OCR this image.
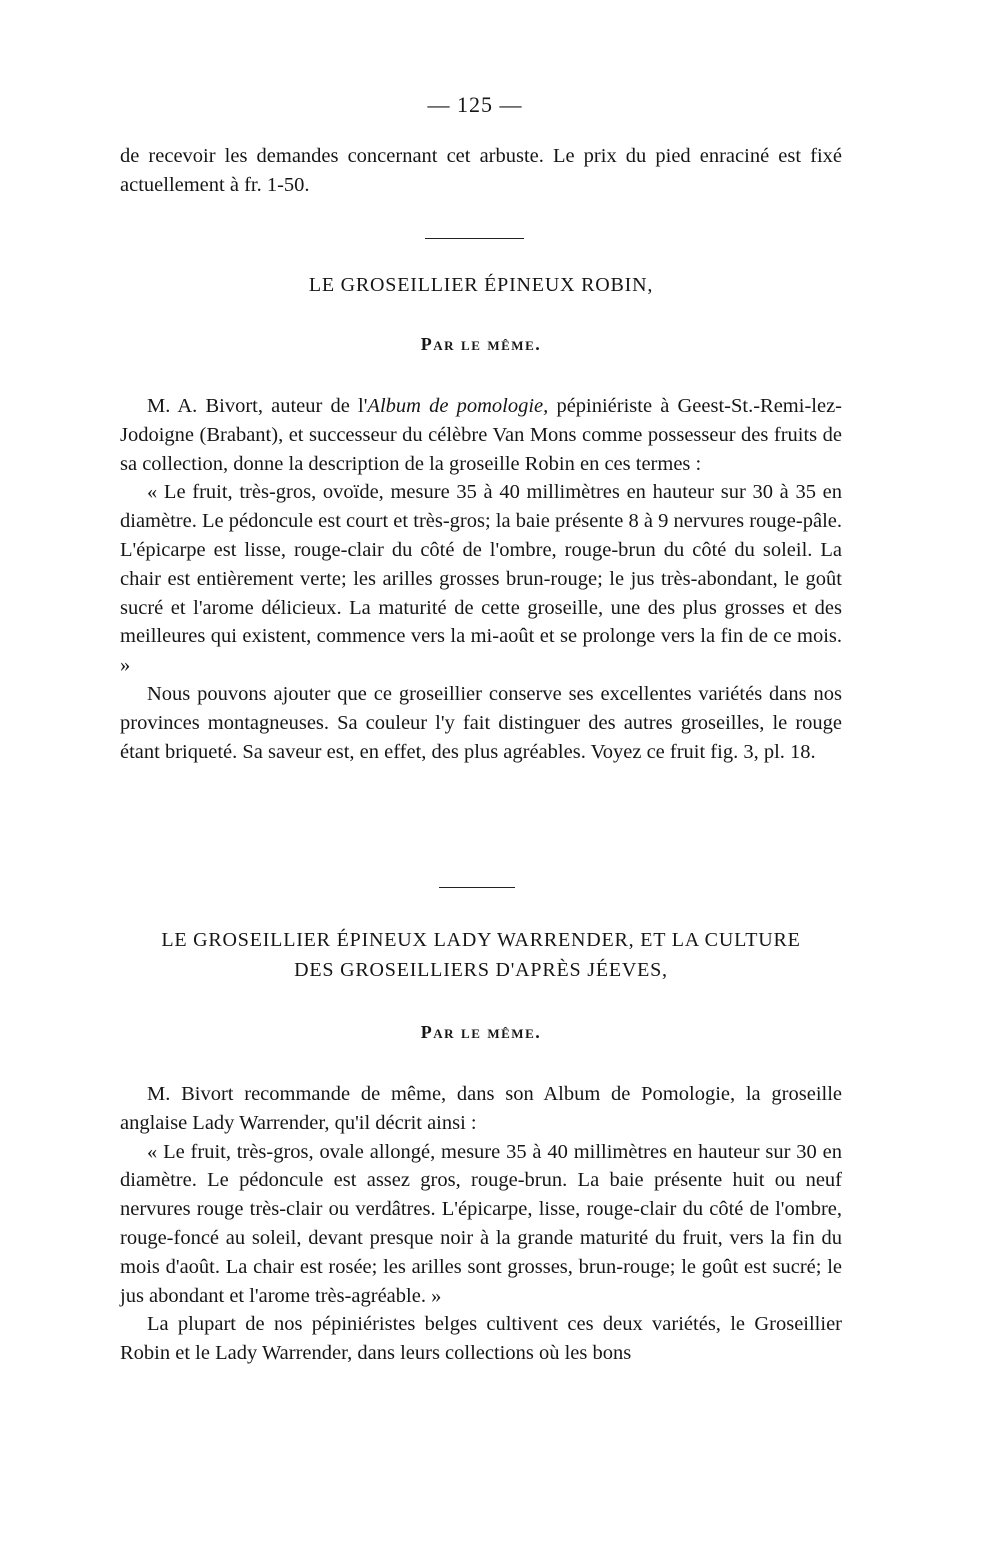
— 125 —

de recevoir les demandes concernant cet arbuste. Le prix du pied enraciné est fixé actuellement à fr. 1-50.

LE GROSEILLIER ÉPINEUX ROBIN,

Par le même.

M. A. Bivort, auteur de l'Album de pomologie, pépiniériste à Geest-St.-Remi-lez-Jodoigne (Brabant), et successeur du célèbre Van Mons comme possesseur des fruits de sa collection, donne la description de la groseille Robin en ces termes :

« Le fruit, très-gros, ovoïde, mesure 35 à 40 millimètres en hauteur sur 30 à 35 en diamètre. Le pédoncule est court et très-gros; la baie présente 8 à 9 nervures rouge-pâle. L'épicarpe est lisse, rouge-clair du côté de l'ombre, rouge-brun du côté du soleil. La chair est entièrement verte; les arilles grosses brun-rouge; le jus très-abondant, le goût sucré et l'arome délicieux. La maturité de cette groseille, une des plus grosses et des meilleures qui existent, commence vers la mi-août et se prolonge vers la fin de ce mois. »

Nous pouvons ajouter que ce groseillier conserve ses excellentes variétés dans nos provinces montagneuses. Sa couleur l'y fait distinguer des autres groseilles, le rouge étant briqueté. Sa saveur est, en effet, des plus agréables. Voyez ce fruit fig. 3, pl. 18.

LE GROSEILLIER ÉPINEUX LADY WARRENDER, ET LA CULTURE
DES GROSEILLIERS D'APRÈS JÉEVES,

Par le même.

M. Bivort recommande de même, dans son Album de Pomologie, la groseille anglaise Lady Warrender, qu'il décrit ainsi :

« Le fruit, très-gros, ovale allongé, mesure 35 à 40 millimètres en hauteur sur 30 en diamètre. Le pédoncule est assez gros, rouge-brun. La baie présente huit ou neuf nervures rouge très-clair ou verdâtres. L'épicarpe, lisse, rouge-clair du côté de l'ombre, rouge-foncé au soleil, devant presque noir à la grande maturité du fruit, vers la fin du mois d'août. La chair est rosée; les arilles sont grosses, brun-rouge; le goût est sucré; le jus abondant et l'arome très-agréable. »

La plupart de nos pépiniéristes belges cultivent ces deux variétés, le Groseillier Robin et le Lady Warrender, dans leurs collections où les bons
